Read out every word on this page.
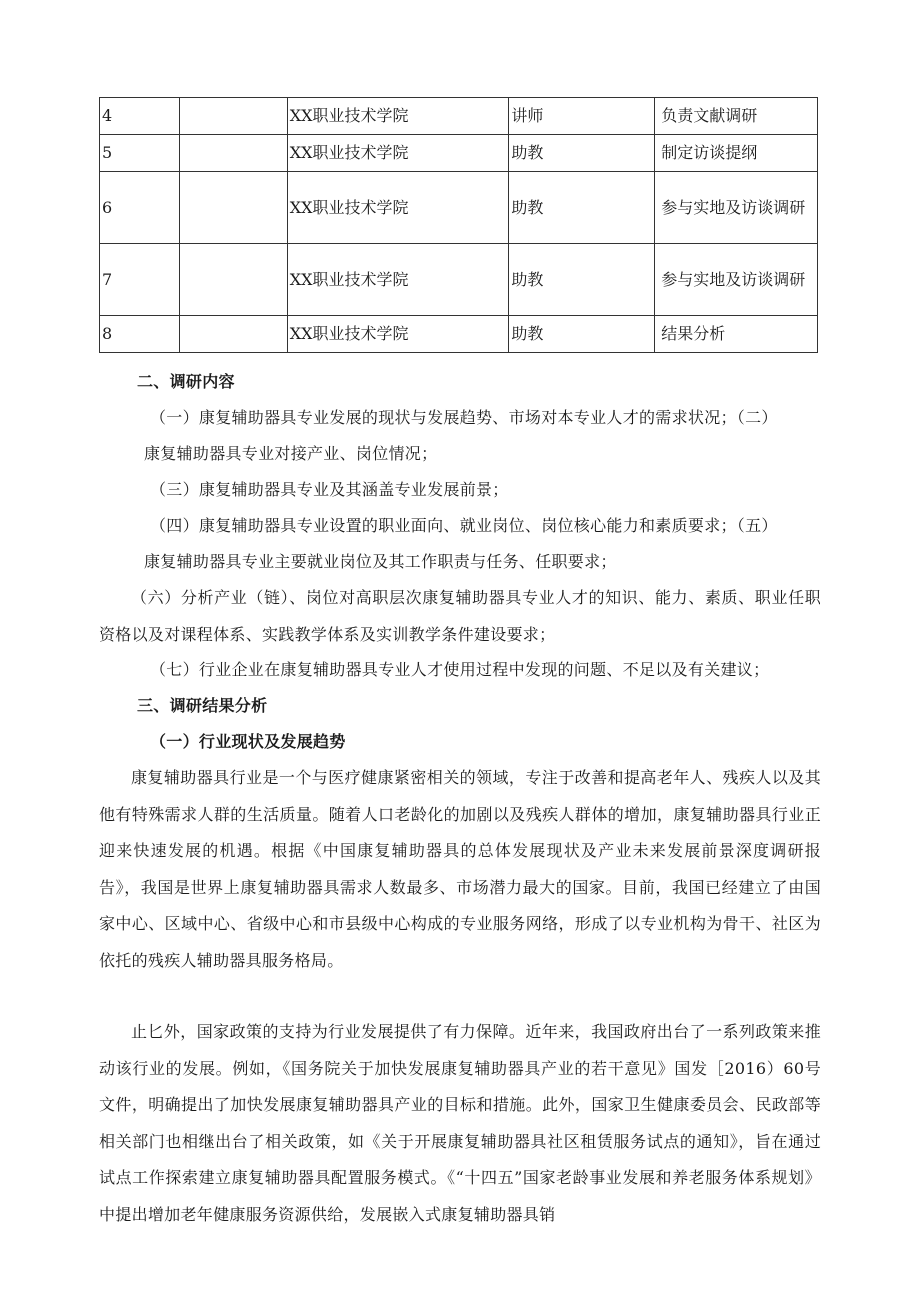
4		XX职业技术学院	讲师	负责文献调研
5		XX职业技术学院	助教	制定访谈提纲
6		XX职业技术学院	助教	参与实地及访谈调研
7		XX职业技术学院	助教	参与实地及访谈调研
8		XX职业技术学院	助教	结果分析
二、调研内容
（一）康复辅助器具专业发展的现状与发展趋势、市场对本专业人才的需求状况；（二）
康复辅助器具专业对接产业、岗位情况；
（三）康复辅助器具专业及其涵盖专业发展前景；
（四）康复辅助器具专业设置的职业面向、就业岗位、岗位核心能力和素质要求；（五）
康复辅助器具专业主要就业岗位及其工作职责与任务、任职要求；
（六）分析产业（链）、岗位对高职层次康复辅助器具专业人才的知识、能力、素质、职业任职资格以及对课程体系、实践教学体系及实训教学条件建设要求；
（七）行业企业在康复辅助器具专业人才使用过程中发现的问题、不足以及有关建议；
三、调研结果分析
（一）行业现状及发展趋势
康复辅助器具行业是一个与医疗健康紧密相关的领域，专注于改善和提高老年人、残疾人以及其他有特殊需求人群的生活质量。随着人口老龄化的加剧以及残疾人群体的增加，康复辅助器具行业正迎来快速发展的机遇。根据《中国康复辅助器具的总体发展现状及产业未来发展前景深度调研报告》，我国是世界上康复辅助器具需求人数最多、市场潜力最大的国家。目前，我国已经建立了由国家中心、区域中心、省级中心和市县级中心构成的专业服务网络，形成了以专业机构为骨干、社区为依托的残疾人辅助器具服务格局。
止匕外，国家政策的支持为行业发展提供了有力保障。近年来，我国政府出台了一系列政策来推动该行业的发展。例如，《国务院关于加快发展康复辅助器具产业的若干意见》国发［2016）60号文件，明确提出了加快发展康复辅助器具产业的目标和措施。此外，国家卫生健康委员会、民政部等相关部门也相继出台了相关政策，如《关于开展康复辅助器具社区租赁服务试点的通知》，旨在通过试点工作探索建立康复辅助器具配置服务模式。《“十四五”国家老龄事业发展和养老服务体系规划》中提出增加老年健康服务资源供给，发展嵌入式康复辅助器具销
